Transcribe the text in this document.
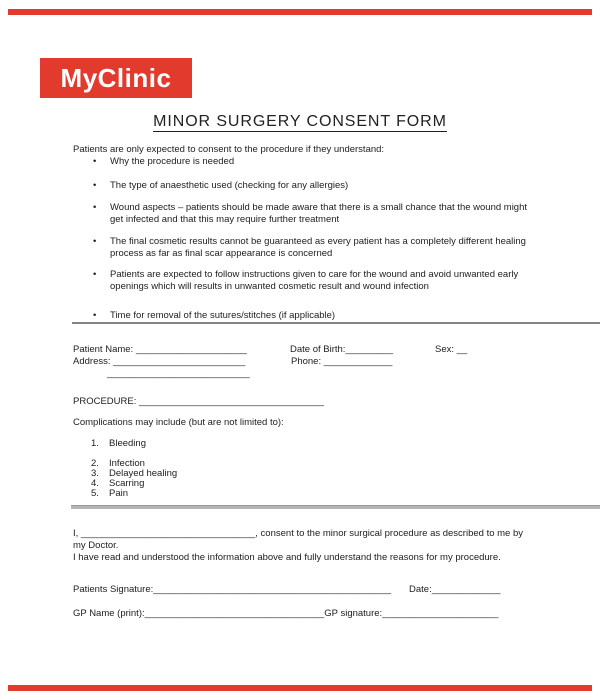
MyClinic
MINOR SURGERY CONSENT FORM
Patients are only expected to consent to the procedure if they understand:
•	Why the procedure is needed
•	The type of anaesthetic used (checking for any allergies)
•	Wound aspects – patients should be made aware that there is a small chance that the wound might get infected and that this may require further treatment
•	The final cosmetic results cannot be guaranteed as every patient has a completely different healing process as far as final scar appearance is concerned
•	Patients are expected to follow instructions given to care for the wound and avoid unwanted early openings which will results in unwanted cosmetic result and wound infection
•	Time for removal of the sutures/stitches (if applicable)
Patient Name: _____________________	Date of Birth:_________	Sex: __
Address: _________________________	Phone: _____________
___________________________
PROCEDURE: ___________________________________
Complications may include (but are not limited to):
1.	Bleeding
2.	Infection
3.	Delayed healing
4.	Scarring
5.	Pain
I, _________________________________, consent to the minor surgical procedure as described to me by my Doctor.
I have read and understood the information above and fully understand the reasons for my procedure.
Patients Signature:_____________________________________________ Date:_____________
GP Name (print):__________________________________GP signature:______________________
